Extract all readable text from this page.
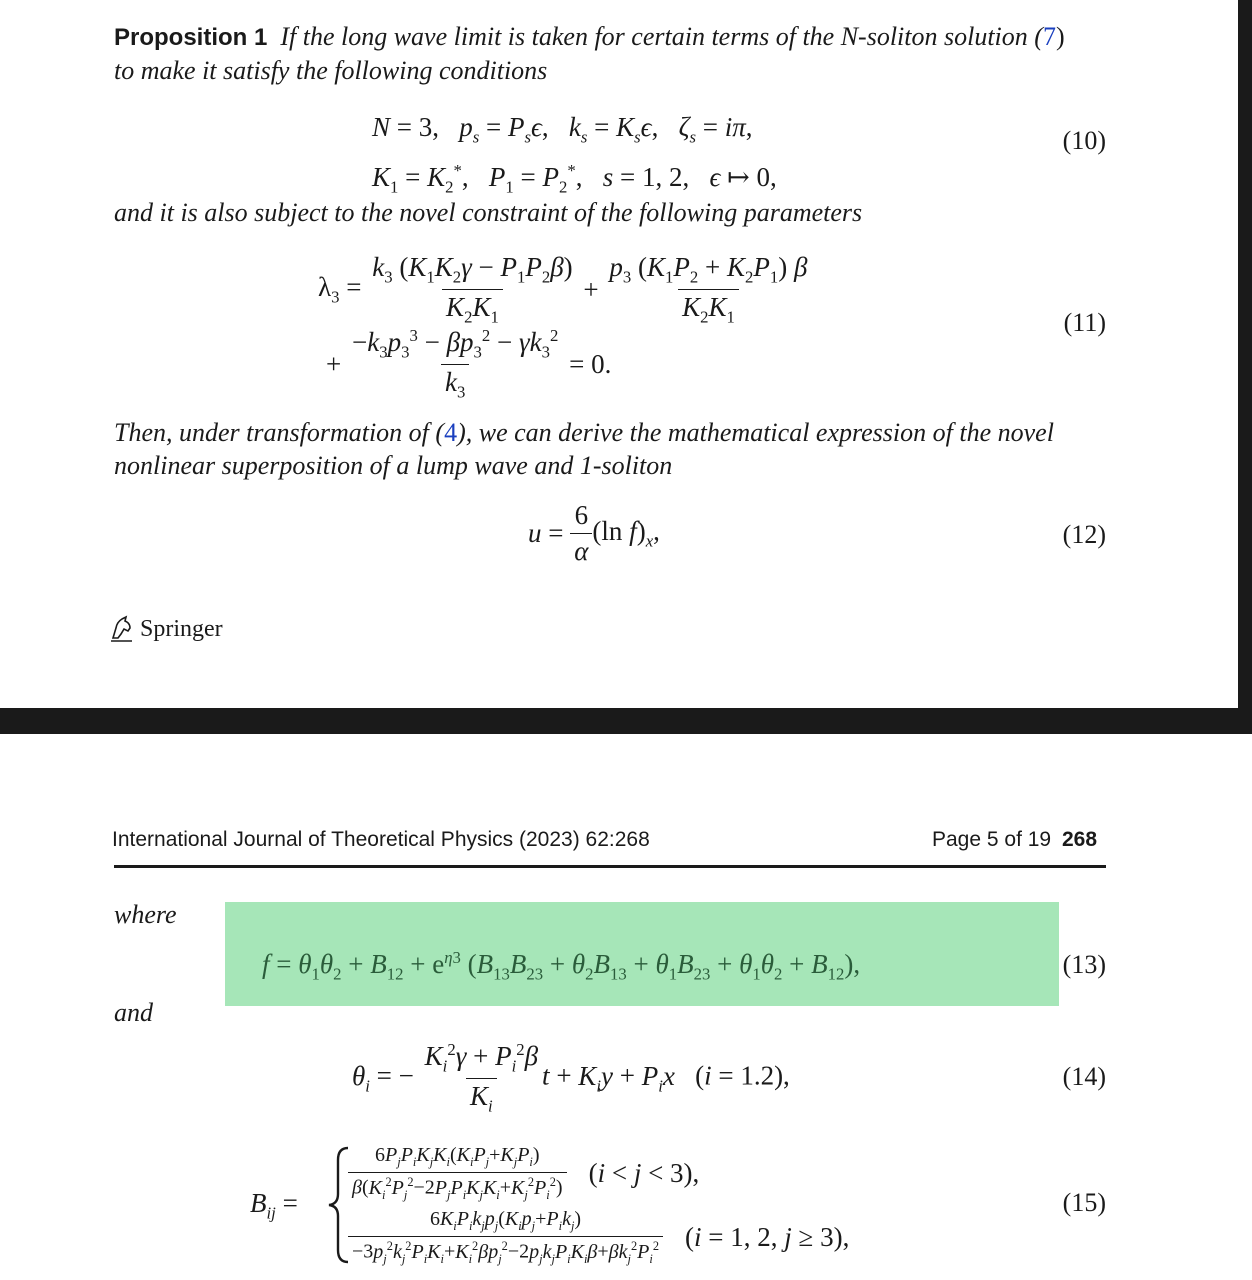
Proposition 1 If the long wave limit is taken for certain terms of the N-soliton solution (7)
to make it satisfy the following conditions
N = 3,   $p_s = P_s\epsilon$,   $k_s = K_s\epsilon$,   $\zeta_s = i\pi$,
$K_1 = K_2^*$,   $P_1 = P_2^*$,   s = 1, 2,   ϵ ↦ 0,
(10)
and it is also subject to the novel constraint of the following parameters
$\lambda_3 = \frac{k_3 (K_1K_2\gamma - P_1P_2\beta)}{K_2K_1} + \frac{p_3 (K_1P_2 + K_2P_1) \beta}{K_2K_1}$
+ $\frac{-k_3p_3^3 - \beta p_3^2 - \gamma k_3^2}{k_3} = 0$.
(11)
Then, under transformation of (4), we can derive the mathematical expression of the novel
nonlinear superposition of a lump wave and 1-soliton
$u = \frac{6}{\alpha} (\ln$ $f)_x$,	(12)
Springer
International Journal of Theoretical Physics (2023) 62:268	Page 5 of 19 268
where
$f = \theta_1\theta_2 + B_{12} + e^{\eta 3}$ $(B_{13}B_{23} + \theta_2B_{13} + \theta_1B_{23} + \theta_1\theta_2 + B_{12})$,	(13)
and
$\theta_i$ = − $\frac{K_i^2\gamma + P_i^2\beta}{K_i}$ $t + K_iy + P_ix$   (i = 1.2),	(14)
$B_{ij}$ =
$\frac{6P_jP_iK_jK_i(K_iP_j+K_jP_i)}{\beta(K_i^2P_j^2-2P_jP_iK_jK_i+K_j^2P_i^2)} (i < j < 3)$,
$\frac{6K_iP_ik_jp_j(K_ip_j+P_ik_j)}{-3p_j^2k_j^2P_iK_i+K_i^2\beta p_j^2-2p_jk_jP_iK_i\beta+\beta k_j^2P_i^2} (i = 1$, 2, j ≥ 3),
(15)
